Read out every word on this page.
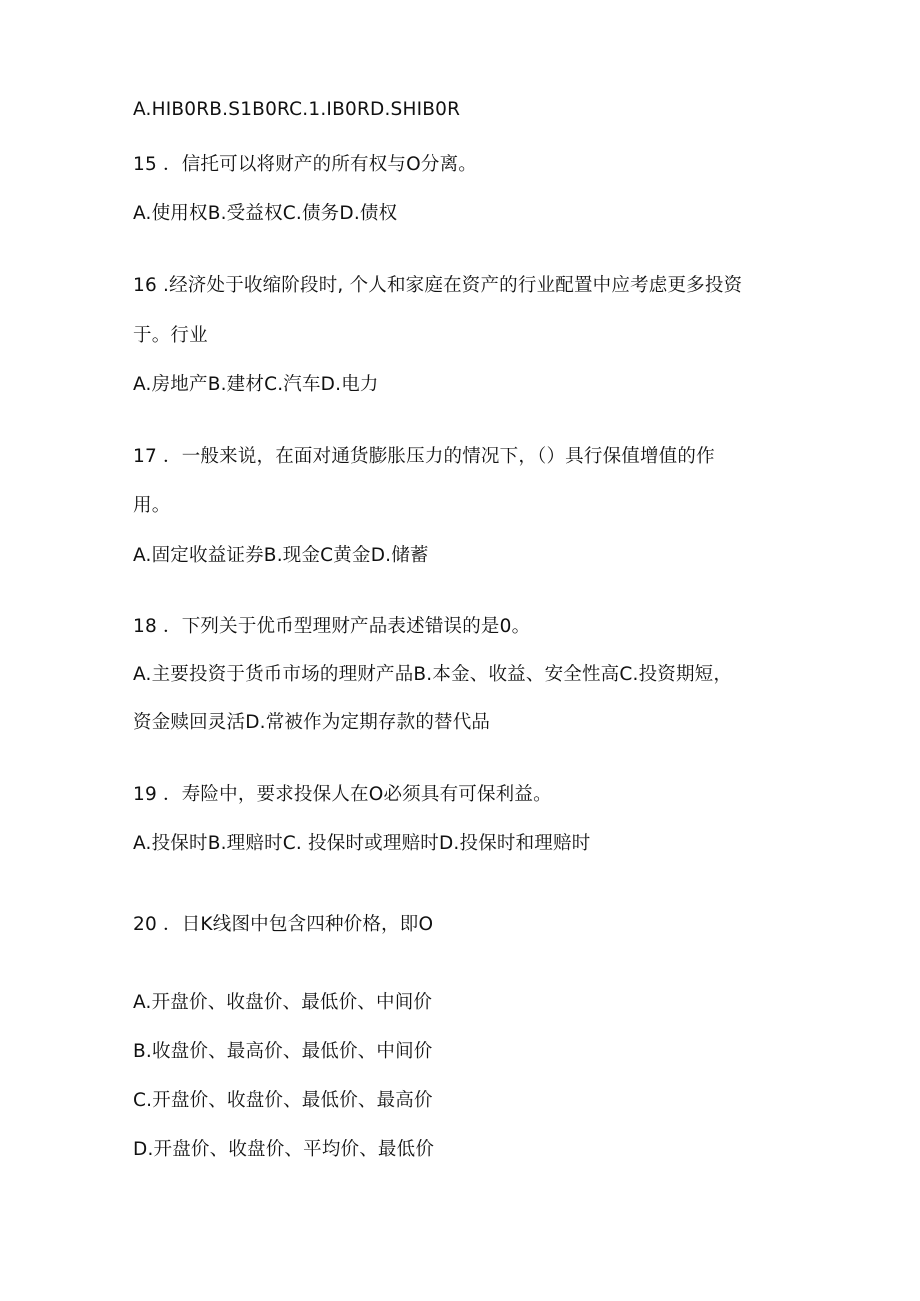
A.HIB0RB.S1B0RC.1.IB0RD.SHIB0R
15 ．信托可以将财产的所有权与O分离。
A.使用权B.受益权C.债务D.债权
16 .经济处于收缩阶段时, 个人和家庭在资产的行业配置中应考虑更多投资
于。行业
A.房地产B.建材C.汽车D.电力
17 ．一般来说，在面对通货膨胀压力的情况下，（）具行保值增值的作
用。
A.固定收益证券B.现金C黄金D.储蓄
18 ．下列关于优币型理财产品表述错误的是0。
A.主要投资于货币市场的理财产品B.本金、收益、安全性高C.投资期短，
资金赎回灵活D.常被作为定期存款的替代品
19 ．寿险中，要求投保人在O必须具有可保利益。
A.投保时B.理赔时C. 投保时或理赔时D.投保时和理赔时
20 ．日K线图中包含四种价格，即O
A.开盘价、收盘价、最低价、中间价
B.收盘价、最高价、最低价、中间价
C.开盘价、收盘价、最低价、最高价
D.开盘价、收盘价、平均价、最低价
